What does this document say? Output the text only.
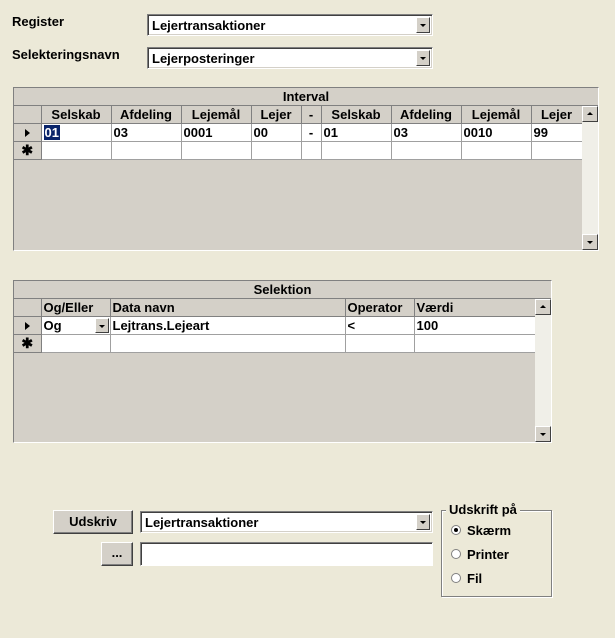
Register	Lejertransaktioner
Selekteringsnavn Lejerposteringer
Interval
	Selskab	Afdeling	Lejemål	Lejer	-	Selskab	Afdeling	Lejemål	Lejer
	01	03	0001	00	-	01	03	0010	99
✱									
Selektion
	Og/Eller	Data navn	Operator	Værdi
	Og	Lejtrans.Lejeart	<	100
✱				
Udskriv	Lejertransaktioner
...
Udskrift på
Skærm
Printer
Fil
